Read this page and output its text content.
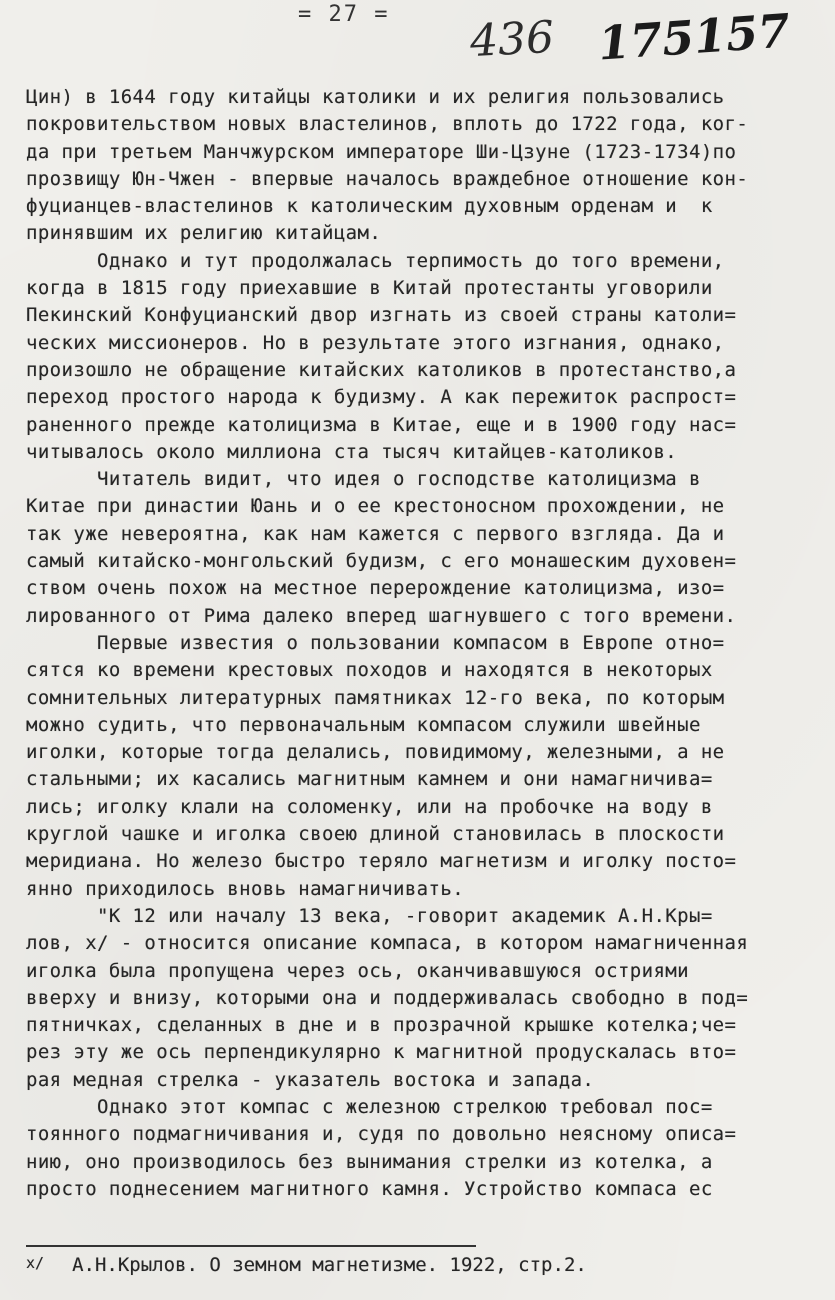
= 27 = 436 175157
Цин) в 1644 году китайцы католики и их религия пользовались
покровительством новых властелинов, вплоть до 1722 года, ког-
да при третьем Манчжурском императоре Ши-Цзуне (1723-1734)по
прозвищу Юн-Чжен - впервые началось враждебное отношение кон-
фуцианцев-властелинов к католическим духовным орденам и  к
принявшим их религию китайцам.
Однако и тут продолжалась терпимость до того времени,
когда в 1815 году приехавшие в Китай протестанты уговорили
Пекинский Конфуцианский двор изгнать из своей страны католи=
ческих миссионеров. Но в результате этого изгнания, однако,
произошло не обращение китайских католиков в протестанство,а
переход простого народа к будизму. А как пережиток распрост=
раненного прежде католицизма в Китае, еще и в 1900 году нас=
читывалось около миллиона ста тысяч китайцев-католиков.
Читатель видит, что идея о господстве католицизма в
Китае при династии Юань и о ее крестоносном прохождении, не
так уже невероятна, как нам кажется с первого взгляда. Да и
самый китайско-монгольский будизм, с его монашеским духовен=
ством очень похож на местное перерождение католицизма, изо=
лированного от Рима далеко вперед шагнувшего с того времени.
Первые известия о пользовании компасом в Европе отно=
сятся ко времени крестовых походов и находятся в некоторых
сомнительных литературных памятниках 12-го века, по которым
можно судить, что первоначальным компасом служили швейные
иголки, которые тогда делались, повидимому, железными, а не
стальными; их касались магнитным камнем и они намагничива=
лись; иголку клали на соломенку, или на пробочке на воду в
круглой чашке и иголка своею длиной становилась в плоскости
меридиана. Но железо быстро теряло магнетизм и иголку посто=
янно приходилось вновь намагничивать.
"К 12 или началу 13 века, -говорит академик А.Н.Кры=
лов, x/ - относится описание компаса, в котором намагниченная
иголка была пропущена через ось, оканчивавшуюся остриями
вверху и внизу, которыми она и поддерживалась свободно в под=
пятничках, сделанных в дне и в прозрачной крышке котелка;че=
рез эту же ось перпендикулярно к магнитной продускалась вто=
рая медная стрелка - указатель востока и запада.
Однако этот компас с железною стрелкою требовал пос=
тоянного подмагничивания и, судя по довольно неясному описа=
нию, оно производилось без вынимания стрелки из котелка, а
просто поднесением магнитного камня. Устройство компаса ес
x/ А.Н.Крылов. О земном магнетизме. 1922, стр.2.
